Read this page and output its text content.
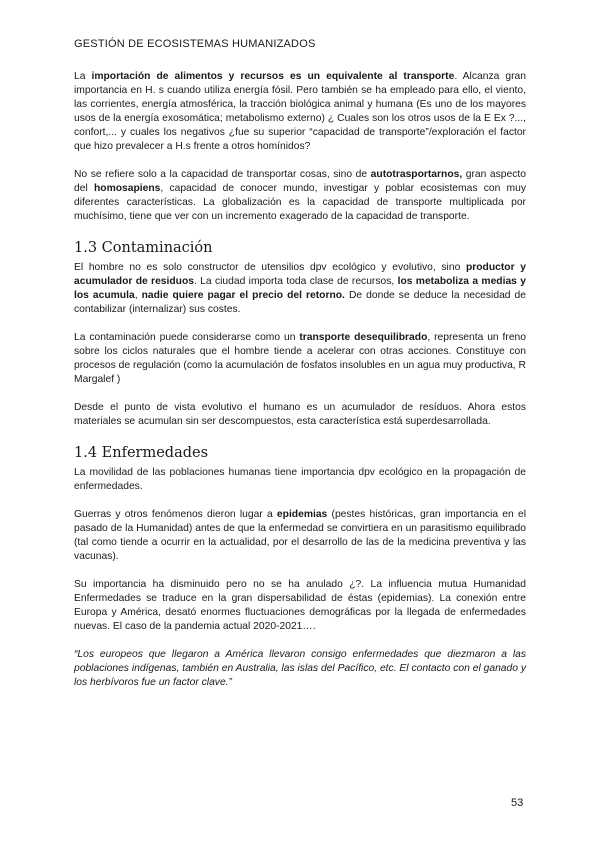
GESTIÓN DE ECOSISTEMAS HUMANIZADOS

La importación de alimentos y recursos es un equivalente al transporte. Alcanza gran importancia en H. s cuando utiliza energía fósil. Pero también se ha empleado para ello, el viento, las corrientes, energía atmosférica, la tracción biológica animal y humana (Es uno de los mayores usos de la energía exosomática; metabolismo externo) ¿ Cuales son los otros usos de la E Ex ?..., confort,... y cuales los negativos ¿fue su superior “capacidad de transporte”/exploración el factor que hizo prevalecer a H.s frente a otros homínidos?

No se refiere solo a la capacidad de transportar cosas, sino de autotrasportarnos, gran aspecto del homosapiens, capacidad de conocer mundo, investigar y poblar ecosistemas con muy diferentes características. La globalización es la capacidad de transporte multiplicada por muchísimo, tiene que ver con un incremento exagerado de la capacidad de transporte.

1.3 Contaminación

El hombre no es solo constructor de utensilios dpv ecológico y evolutivo, sino productor y acumulador de residuos. La ciudad importa toda clase de recursos, los metaboliza a medias y los acumula, nadie quiere pagar el precio del retorno. De donde se deduce la necesidad de contabilizar (internalizar) sus costes.

La contaminación puede considerarse como un transporte desequilibrado, representa un freno sobre los ciclos naturales que el hombre tiende a acelerar con otras acciones. Constituye con procesos de regulación (como la acumulación de fosfatos insolubles en un agua muy productiva, R Margalef )

Desde el punto de vista evolutivo el humano es un acumulador de resíduos. Ahora estos materiales se acumulan sin ser descompuestos, esta característica está superdesarrollada.

1.4 Enfermedades

La movilidad de las poblaciones humanas tiene importancia dpv ecológico en la propagación de enfermedades.

Guerras y otros fenómenos dieron lugar a epidemias (pestes históricas, gran importancia en el pasado de la Humanidad) antes de que la enfermedad se convirtiera en un parasitismo equilibrado (tal como tiende a ocurrir en la actualidad, por el desarrollo de las de la medicina preventiva y las vacunas).

Su importancia ha disminuido pero no se ha anulado ¿?. La influencia mutua Humanidad Enfermedades se traduce en la gran dispersabilidad de éstas (epidemias). La conexión entre Europa y América, desató enormes fluctuaciones demográficas por la llegada de enfermedades nuevas. El caso de la pandemia actual 2020-2021….

“Los europeos que llegaron a América llevaron consigo enfermedades que diezmaron a las poblaciones indígenas, también en Australia, las islas del Pacífico, etc. El contacto con el ganado y los herbívoros fue un factor clave.”

53
